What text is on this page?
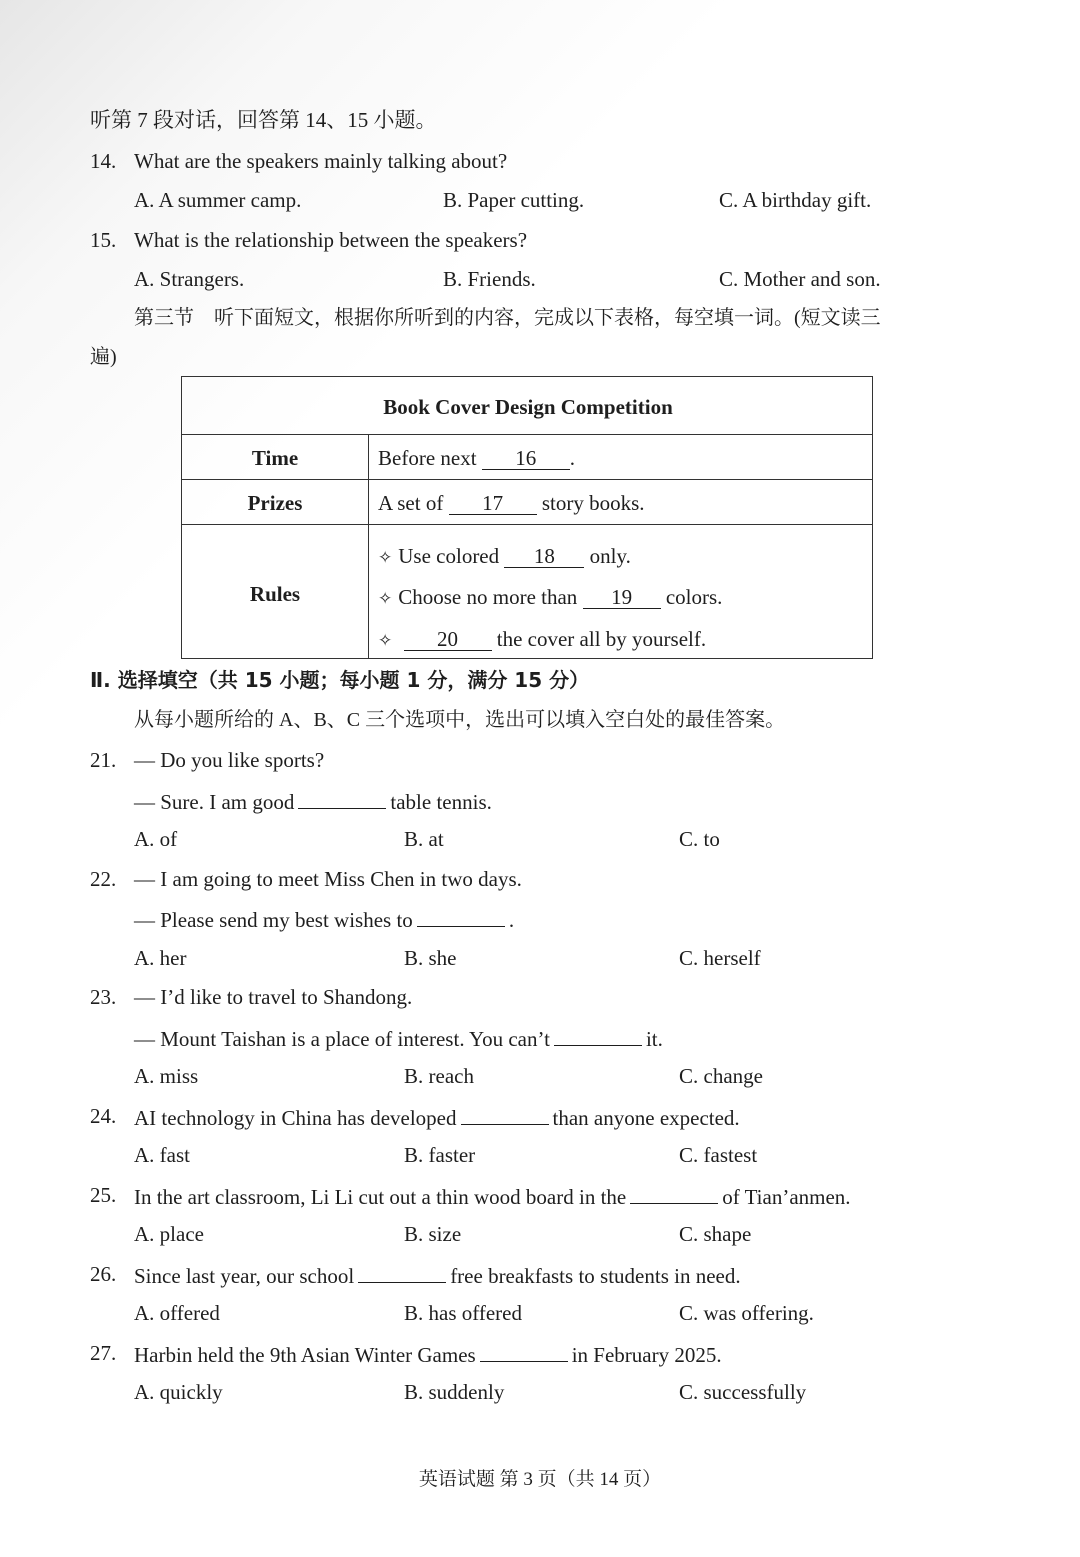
听第 7 段对话，回答第 14、15 小题。
14. What are the speakers mainly talking about?
A. A summer camp.	B. Paper cutting.	C. A birthday gift.
15. What is the relationship between the speakers?
A. Strangers.	B. Friends.	C. Mother and son.
第三节　听下面短文，根据你所听到的内容，完成以下表格，每空填一词。(短文读三
遍)
Book Cover Design Competition
Time	Before next 16 .
Prizes	A set of 17 story books.
Rules
✧ Use colored 18 only.
✧ Choose no more than 19 colors.
✧ 20 the cover all by yourself.
Ⅱ. 选择填空（共 15 小题；每小题 1 分，满分 15 分）
从每小题所给的 A、B、C 三个选项中，选出可以填入空白处的最佳答案。
21. — Do you like sports?
— Sure. I am good	table tennis.
A. of	B. at	C. to
22. — I am going to meet Miss Chen in two days.
— Please send my best wishes to	.
A. her	B. she	C. herself
23. — I’d like to travel to Shandong.
— Mount Taishan is a place of interest. You can’t	it.
A. miss	B. reach	C. change
24. AI technology in China has developed	than anyone expected.
A. fast	B. faster	C. fastest
25. In the art classroom, Li Li cut out a thin wood board in the	of Tian’anmen.
A. place	B. size	C. shape
26. Since last year, our school	free breakfasts to students in need.
A. offered	B. has offered	C. was offering.
27. Harbin held the 9th Asian Winter Games	in February 2025.
A. quickly	B. suddenly	C. successfully
英语试题 第 3 页（共 14 页）
